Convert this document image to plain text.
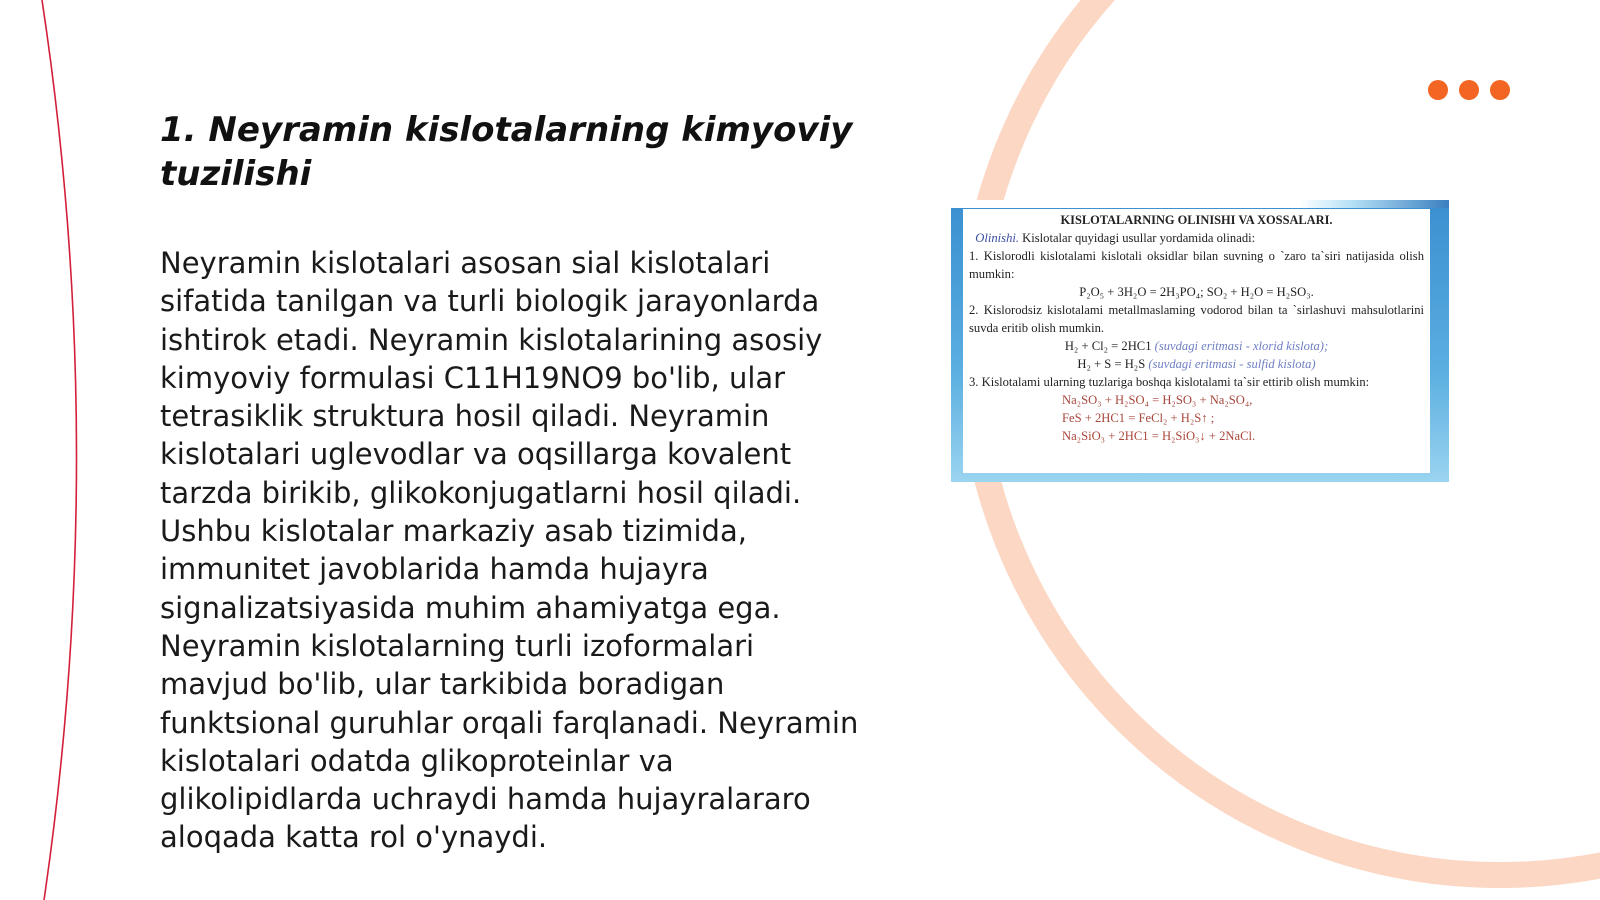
1. Neyramin kislotalarning kimyoviy tuzilishi

Neyramin kislotalari asosan sial kislotalari sifatida tanilgan va turli biologik jarayonlarda ishtirok etadi. Neyramin kislotalarining asosiy kimyoviy formulasi C11H19NO9 bo'lib, ular tetrasiklik struktura hosil qiladi. Neyramin kislotalari uglevodlar va oqsillarga kovalent tarzda birikib, glikokonjugatlarni hosil qiladi. Ushbu kislotalar markaziy asab tizimida, immunitet javoblarida hamda hujayra signalizatsiyasida muhim ahamiyatga ega. Neyramin kislotalarning turli izoformalari mavjud bo'lib, ular tarkibida boradigan funktsional guruhlar orqali farqlanadi. Neyramin kislotalari odatda glikoproteinlar va glikolipidlarda uchraydi hamda hujayralararo aloqada katta rol o'ynaydi.

KISLOTALARNING OLINISHI VA XOSSALARI.
Olinishi. Kislotalar quyidagi usullar yordamida olinadi:
1. Kislorodli kislotalami kislotali oksidlar bilan suvning o `zaro ta`siri natijasida olish mumkin:
P₂O₅ + 3H₂O = 2H₃PO₄; SO₂ + H₂O = H₂SO₃.
2. Kislorodsiz kislotalami metallmaslaming vodorod bilan ta `sirlashuvi mahsulotlarini suvda eritib olish mumkin.
H₂ + Cl₂ = 2HC1 (suvdagi eritmasi - xlorid kislota);
H₂ + S = H₂S (suvdagi eritmasi - sulfid kislota)
3. Kislotalami ularning tuzlariga boshqa kislotalami ta`sir ettirib olish mumkin:
Na₂SO₃ + H₂SO₄ = H₂SO₃ + Na₂SO₄,
FeS + 2HC1 = FeCl₂ + H₂S↑ ;
Na₂SiO₃ + 2HC1 = H₂SiO₃↓ + 2NaCl.
